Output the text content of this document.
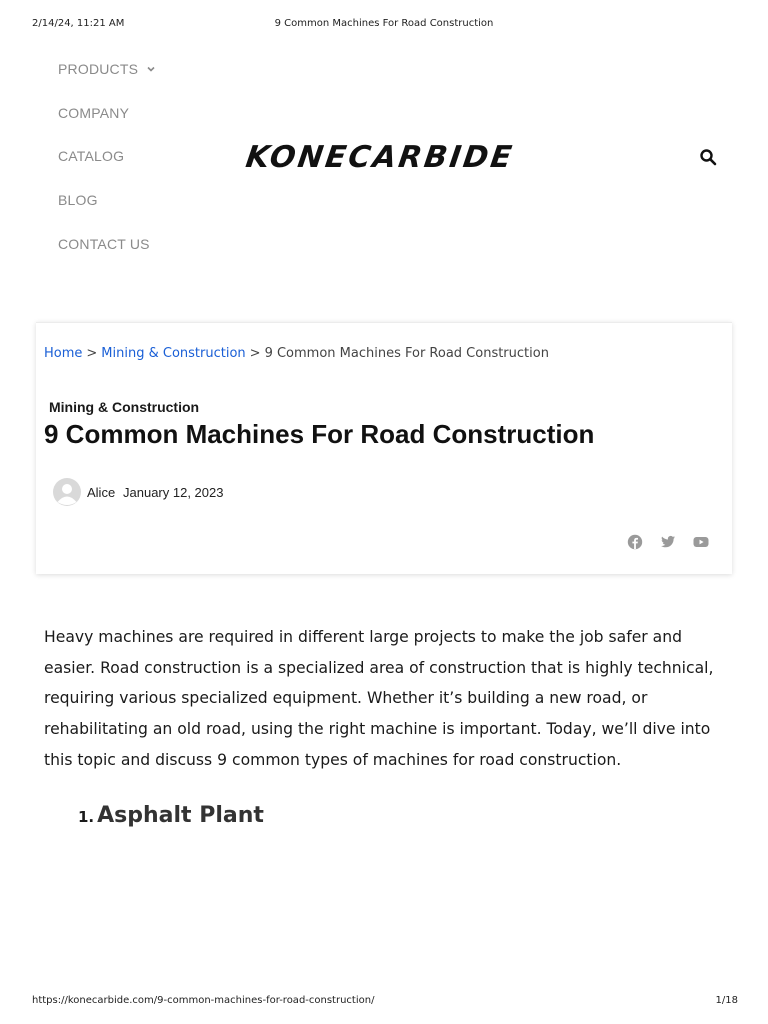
2/14/24, 11:21 AM	9 Common Machines For Road Construction
PRODUCTS
COMPANY
CATALOG
BLOG
CONTACT US
KONECARBIDE
Home > Mining & Construction > 9 Common Machines For Road Construction
Mining & Construction
9 Common Machines For Road Construction
Alice January 12, 2023

Heavy machines are required in different large projects to make the job safer and easier. Road construction is a specialized area of construction that is highly technical, requiring various specialized equipment. Whether it’s building a new road, or rehabilitating an old road, using the right machine is important. Today, we’ll dive into this topic and discuss 9 common types of machines for road construction.

1. Asphalt Plant
https://konecarbide.com/9-common-machines-for-road-construction/	1/18
